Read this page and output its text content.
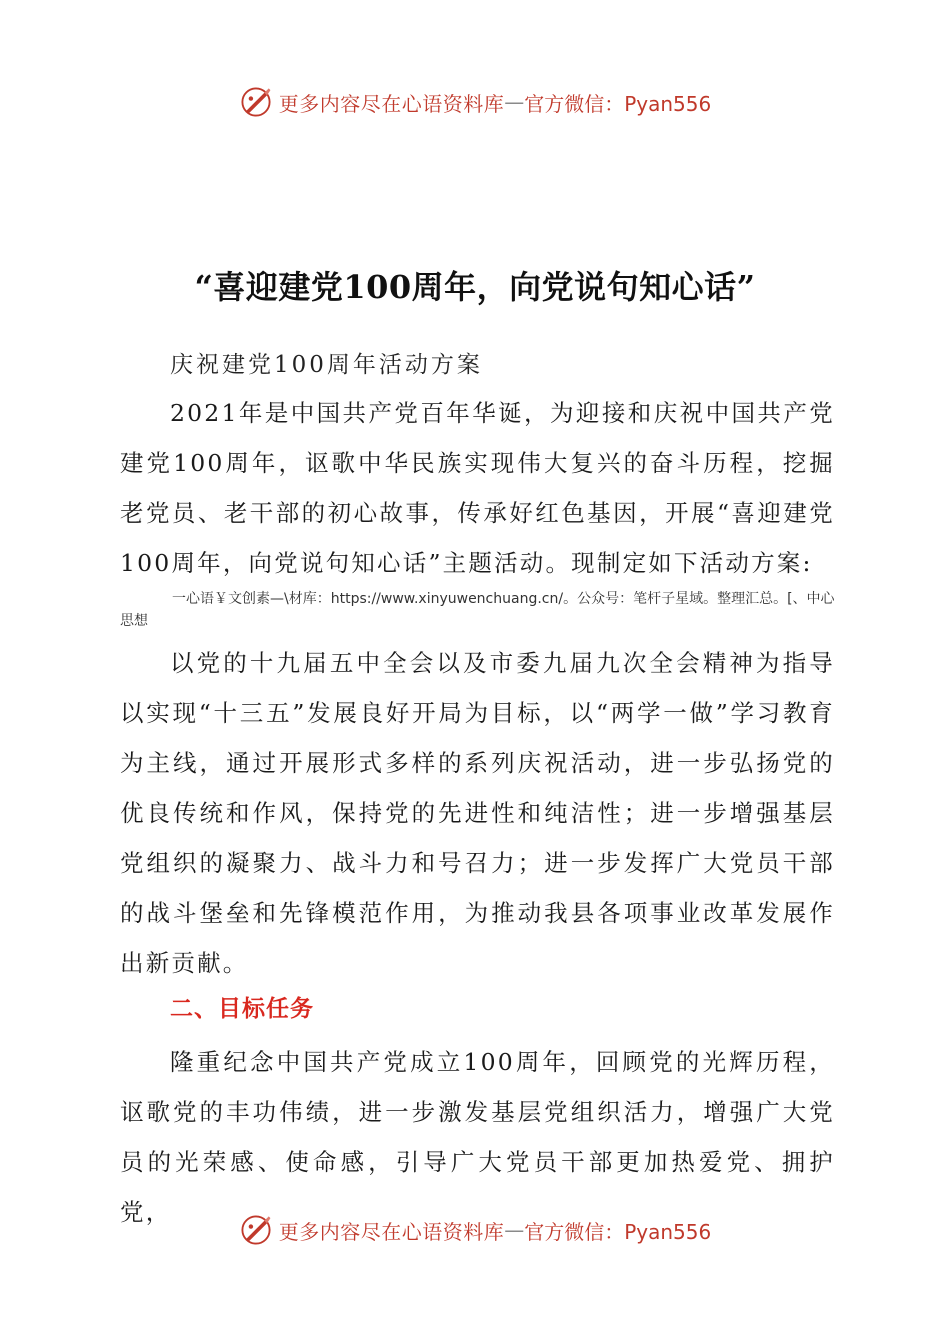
更多内容尽在心语资料库 — 官方微信：Pyan556
“喜迎建党100周年，向党说句知心话”
庆祝建党100周年活动方案

2021年是中国共产党百年华诞，为迎接和庆祝中国共产党建党100周年，讴歌中华民族实现伟大复兴的奋斗历程，挖掘老党员、老干部的初心故事，传承好红色基因，开展“喜迎建党100周年，向党说句知心话”主题活动。现制定如下活动方案:

一心语￥文创素—\材库：https://www.xinyuwenchuang.cn/。公众号：笔杆子星域。整理汇总。[、中心思想

以党的十九届五中全会以及市委九届九次全会精神为指导以实现“十三五”发展良好开局为目标，以“两学一做”学习教育为主线，通过开展形式多样的系列庆祝活动，进一步弘扬党的优良传统和作风，保持党的先进性和纯洁性；进一步增强基层党组织的凝聚力、战斗力和号召力；进一步发挥广大党员干部的战斗堡垒和先锋模范作用，为推动我县各项事业改革发展作出新贡献。

二、目标任务

隆重纪念中国共产党成立100周年，回顾党的光辉历程，讴歌党的丰功伟绩，进一步激发基层党组织活力，增强广大党员的光荣感、使命感，引导广大党员干部更加热爱党、拥护党，

更多内容尽在心语资料库 — 官方微信：Pyan556
